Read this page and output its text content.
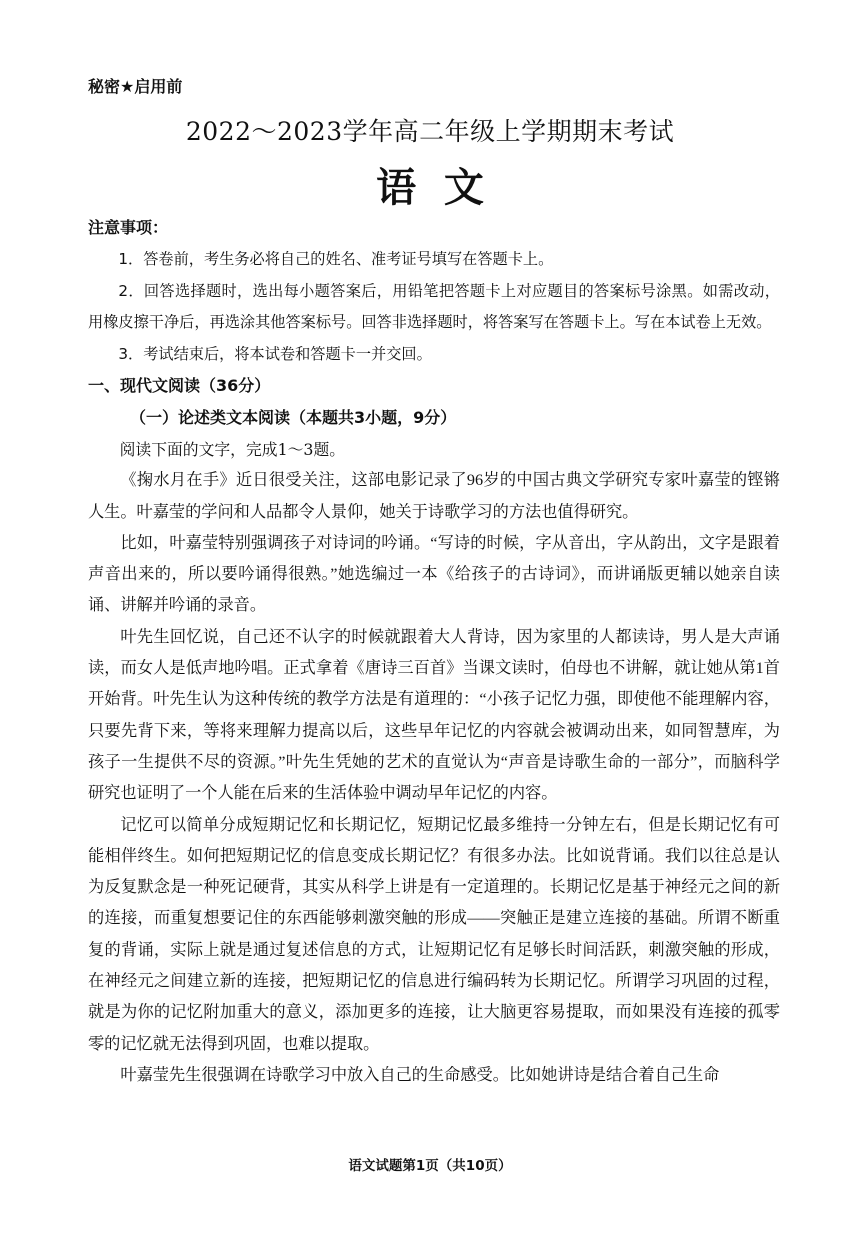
秘密★启用前
2022～2023学年高二年级上学期期末考试
语  文
注意事项：

1．答卷前，考生务必将自己的姓名、准考证号填写在答题卡上。

2．回答选择题时，选出每小题答案后，用铅笔把答题卡上对应题目的答案标号涂黑。如需改动，用橡皮擦干净后，再选涂其他答案标号。回答非选择题时，将答案写在答题卡上。写在本试卷上无效。

3．考试结束后，将本试卷和答题卡一并交回。

一、现代文阅读（36分）
（一）论述类文本阅读（本题共3小题，9分）

阅读下面的文字，完成1～3题。

《掬水月在手》近日很受关注，这部电影记录了96岁的中国古典文学研究专家叶嘉莹的铿锵人生。叶嘉莹的学问和人品都令人景仰，她关于诗歌学习的方法也值得研究。

比如，叶嘉莹特别强调孩子对诗词的吟诵。“写诗的时候，字从音出，字从韵出，文字是跟着声音出来的，所以要吟诵得很熟。”她选编过一本《给孩子的古诗词》，而讲诵版更辅以她亲自读诵、讲解并吟诵的录音。

叶先生回忆说，自己还不认字的时候就跟着大人背诗，因为家里的人都读诗，男人是大声诵读，而女人是低声地吟唱。正式拿着《唐诗三百首》当课文读时，伯母也不讲解，就让她从第1首开始背。叶先生认为这种传统的教学方法是有道理的：“小孩子记忆力强，即使他不能理解内容，只要先背下来，等将来理解力提高以后，这些早年记忆的内容就会被调动出来，如同智慧库，为孩子一生提供不尽的资源。”叶先生凭她的艺术的直觉认为“声音是诗歌生命的一部分”，而脑科学研究也证明了一个人能在后来的生活体验中调动早年记忆的内容。

记忆可以简单分成短期记忆和长期记忆，短期记忆最多维持一分钟左右，但是长期记忆有可能相伴终生。如何把短期记忆的信息变成长期记忆？有很多办法。比如说背诵。我们以往总是认为反复默念是一种死记硬背，其实从科学上讲是有一定道理的。长期记忆是基于神经元之间的新的连接，而重复想要记住的东西能够刺激突触的形成——突触正是建立连接的基础。所谓不断重复的背诵，实际上就是通过复述信息的方式，让短期记忆有足够长时间活跃，刺激突触的形成，在神经元之间建立新的连接，把短期记忆的信息进行编码转为长期记忆。所谓学习巩固的过程，就是为你的记忆附加重大的意义，添加更多的连接，让大脑更容易提取，而如果没有连接的孤零零的记忆就无法得到巩固，也难以提取。

叶嘉莹先生很强调在诗歌学习中放入自己的生命感受。比如她讲诗是结合着自己生命

语文试题第1页（共10页）
